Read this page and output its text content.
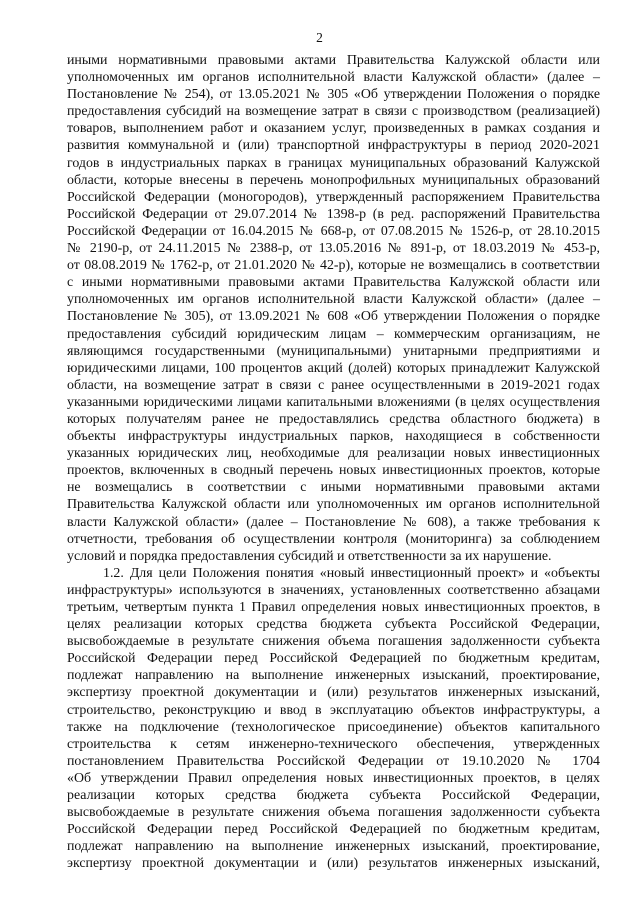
2

иными нормативными правовыми актами Правительства Калужской области или

уполномоченных им органов исполнительной власти Калужской области» (далее –

Постановление № 254), от 13.05.2021 № 305 «Об утверждении Положения о порядке

предоставления субсидий на возмещение затрат в связи с производством (реализацией)

товаров, выполнением работ и оказанием услуг, произведенных в рамках создания и

развития коммунальной и (или) транспортной инфраструктуры в период 2020-2021

годов в индустриальных парках в границах муниципальных образований Калужской

области, которые внесены в перечень монопрофильных муниципальных образований

Российской Федерации (моногородов), утвержденный распоряжением Правительства

Российской Федерации от 29.07.2014 № 1398-р (в ред. распоряжений Правительства

Российской Федерации от 16.04.2015 № 668-р, от 07.08.2015 № 1526-р, от 28.10.2015

№ 2190-р, от 24.11.2015 № 2388-р, от 13.05.2016 № 891-р, от 18.03.2019 № 453-р,

от 08.08.2019 № 1762-р, от 21.01.2020 № 42-р), которые не возмещались в соответствии

с иными нормативными правовыми актами Правительства Калужской области или

уполномоченных им органов исполнительной власти Калужской области» (далее –

Постановление № 305), от 13.09.2021 № 608 «Об утверждении Положения о порядке

предоставления субсидий юридическим лицам – коммерческим организациям, не

являющимся государственными (муниципальными) унитарными предприятиями и

юридическими лицами, 100 процентов акций (долей) которых принадлежит Калужской

области, на возмещение затрат в связи с ранее осуществленными в 2019-2021 годах

указанными юридическими лицами капитальными вложениями (в целях осуществления

которых получателям ранее не предоставлялись средства областного бюджета) в

объекты инфраструктуры индустриальных парков, находящиеся в собственности

указанных юридических лиц, необходимые для реализации новых инвестиционных

проектов, включенных в сводный перечень новых инвестиционных проектов, которые

не возмещались в соответствии с иными нормативными правовыми актами

Правительства Калужской области или уполномоченных им органов исполнительной

власти Калужской области» (далее – Постановление № 608), а также требования к

отчетности, требования об осуществлении контроля (мониторинга) за соблюдением

условий и порядка предоставления субсидий и ответственности за их нарушение.

1.2. Для цели Положения понятия «новый инвестиционный проект» и «объекты

инфраструктуры» используются в значениях, установленных соответственно абзацами

третьим, четвертым пункта 1 Правил определения новых инвестиционных проектов, в

целях реализации которых средства бюджета субъекта Российской Федерации,

высвобождаемые в результате снижения объема погашения задолженности субъекта

Российской Федерации перед Российской Федерацией по бюджетным кредитам,

подлежат направлению на выполнение инженерных изысканий, проектирование,

экспертизу проектной документации и (или) результатов инженерных изысканий,

строительство, реконструкцию и ввод в эксплуатацию объектов инфраструктуры, а

также на подключение (технологическое присоединение) объектов капитального

строительства к сетям инженерно-технического обеспечения, утвержденных

постановлением Правительства Российской Федерации от 19.10.2020 № 1704

«Об утверждении Правил определения новых инвестиционных проектов, в целях

реализации которых средства бюджета субъекта Российской Федерации,

высвобождаемые в результате снижения объема погашения задолженности субъекта

Российской Федерации перед Российской Федерацией по бюджетным кредитам,

подлежат направлению на выполнение инженерных изысканий, проектирование,

экспертизу проектной документации и (или) результатов инженерных изысканий,
